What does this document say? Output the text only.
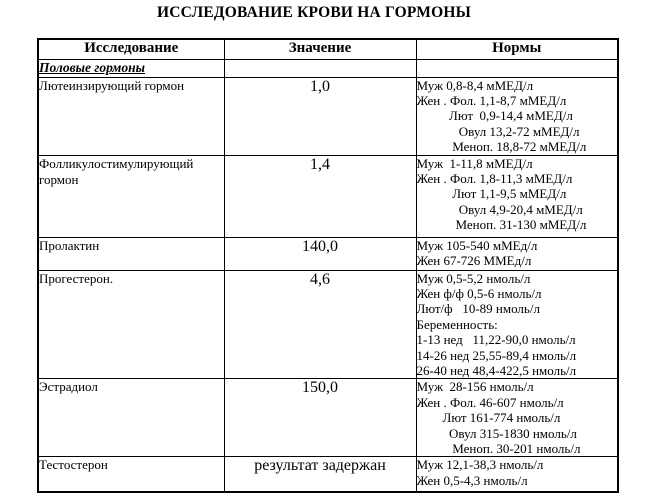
ИССЛЕДОВАНИЕ КРОВИ НА ГОРМОНЫ
Исследование	Значение	Нормы
Половые гормоны		
Лютеинзирующий гормон	1,0	Муж 0,8-8,4 мМЕД/л
Жен . Фол. 1,1-8,7 мМЕД/л
Лют  0,9-14,4 мМЕД/л
Овул 13,2-72 мМЕД/л
Меноп. 18,8-72 мМЕД/л

Фолликулостимулирующий гормон	1,4	Муж  1-11,8 мМЕД/л
Жен . Фол. 1,8-11,3 мМЕД/л
Лют 1,1-9,5 мМЕД/л
Овул 4,9-20,4 мМЕД/л
Меноп. 31-130 мМЕД/л

Пролактин	140,0	Муж 105-540 мМЕд/л
Жен 67-726 ММЕд/л

Прогестерон.	4,6	Муж 0,5-5,2 нмоль/л
Жен ф/ф 0,5-6 нмоль/л
Лют/ф   10-89 нмоль/л
Беременность:
1-13 нед   11,22-90,0 нмоль/л
14-26 нед 25,55-89,4 нмоль/л
26-40 нед 48,4-422,5 нмоль/л

Эстрадиол	150,0	Муж  28-156 нмоль/л
Жен . Фол. 46-607 нмоль/л
Лют 161-774 нмоль/л
Овул 315-1830 нмоль/л
Меноп. 30-201 нмоль/л

Тестостерон	результат задержан	Муж 12,1-38,3 нмоль/л
Жен 0,5-4,3 нмоль/л
